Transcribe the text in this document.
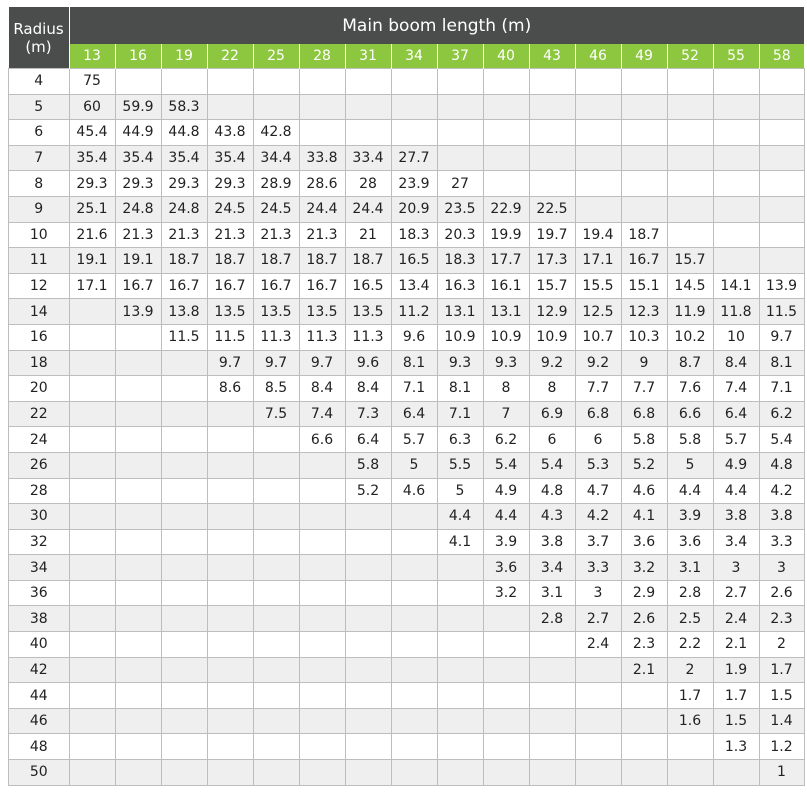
Radius (m)	Main boom length (m)															
	13	16	19	22	25	28	31	34	37	40	43	46	49	52	55	58
4	75															
5	60	59.9	58.3													
6	45.4	44.9	44.8	43.8	42.8											
7	35.4	35.4	35.4	35.4	34.4	33.8	33.4	27.7								
8	29.3	29.3	29.3	29.3	28.9	28.6	28	23.9	27							
9	25.1	24.8	24.8	24.5	24.5	24.4	24.4	20.9	23.5	22.9	22.5					
10	21.6	21.3	21.3	21.3	21.3	21.3	21	18.3	20.3	19.9	19.7	19.4	18.7			
11	19.1	19.1	18.7	18.7	18.7	18.7	18.7	16.5	18.3	17.7	17.3	17.1	16.7	15.7		
12	17.1	16.7	16.7	16.7	16.7	16.7	16.5	13.4	16.3	16.1	15.7	15.5	15.1	14.5	14.1	13.9
14		13.9	13.8	13.5	13.5	13.5	13.5	11.2	13.1	13.1	12.9	12.5	12.3	11.9	11.8	11.5
16			11.5	11.5	11.3	11.3	11.3	9.6	10.9	10.9	10.9	10.7	10.3	10.2	10	9.7
18				9.7	9.7	9.7	9.6	8.1	9.3	9.3	9.2	9.2	9	8.7	8.4	8.1
20				8.6	8.5	8.4	8.4	7.1	8.1	8	8	7.7	7.7	7.6	7.4	7.1
22					7.5	7.4	7.3	6.4	7.1	7	6.9	6.8	6.8	6.6	6.4	6.2
24						6.6	6.4	5.7	6.3	6.2	6	6	5.8	5.8	5.7	5.4
26							5.8	5	5.5	5.4	5.4	5.3	5.2	5	4.9	4.8
28							5.2	4.6	5	4.9	4.8	4.7	4.6	4.4	4.4	4.2
30									4.4	4.4	4.3	4.2	4.1	3.9	3.8	3.8
32									4.1	3.9	3.8	3.7	3.6	3.6	3.4	3.3
34										3.6	3.4	3.3	3.2	3.1	3	3
36										3.2	3.1	3	2.9	2.8	2.7	2.6
38											2.8	2.7	2.6	2.5	2.4	2.3
40												2.4	2.3	2.2	2.1	2
42													2.1	2	1.9	1.7
44														1.7	1.7	1.5
46														1.6	1.5	1.4
48															1.3	1.2
50																1
